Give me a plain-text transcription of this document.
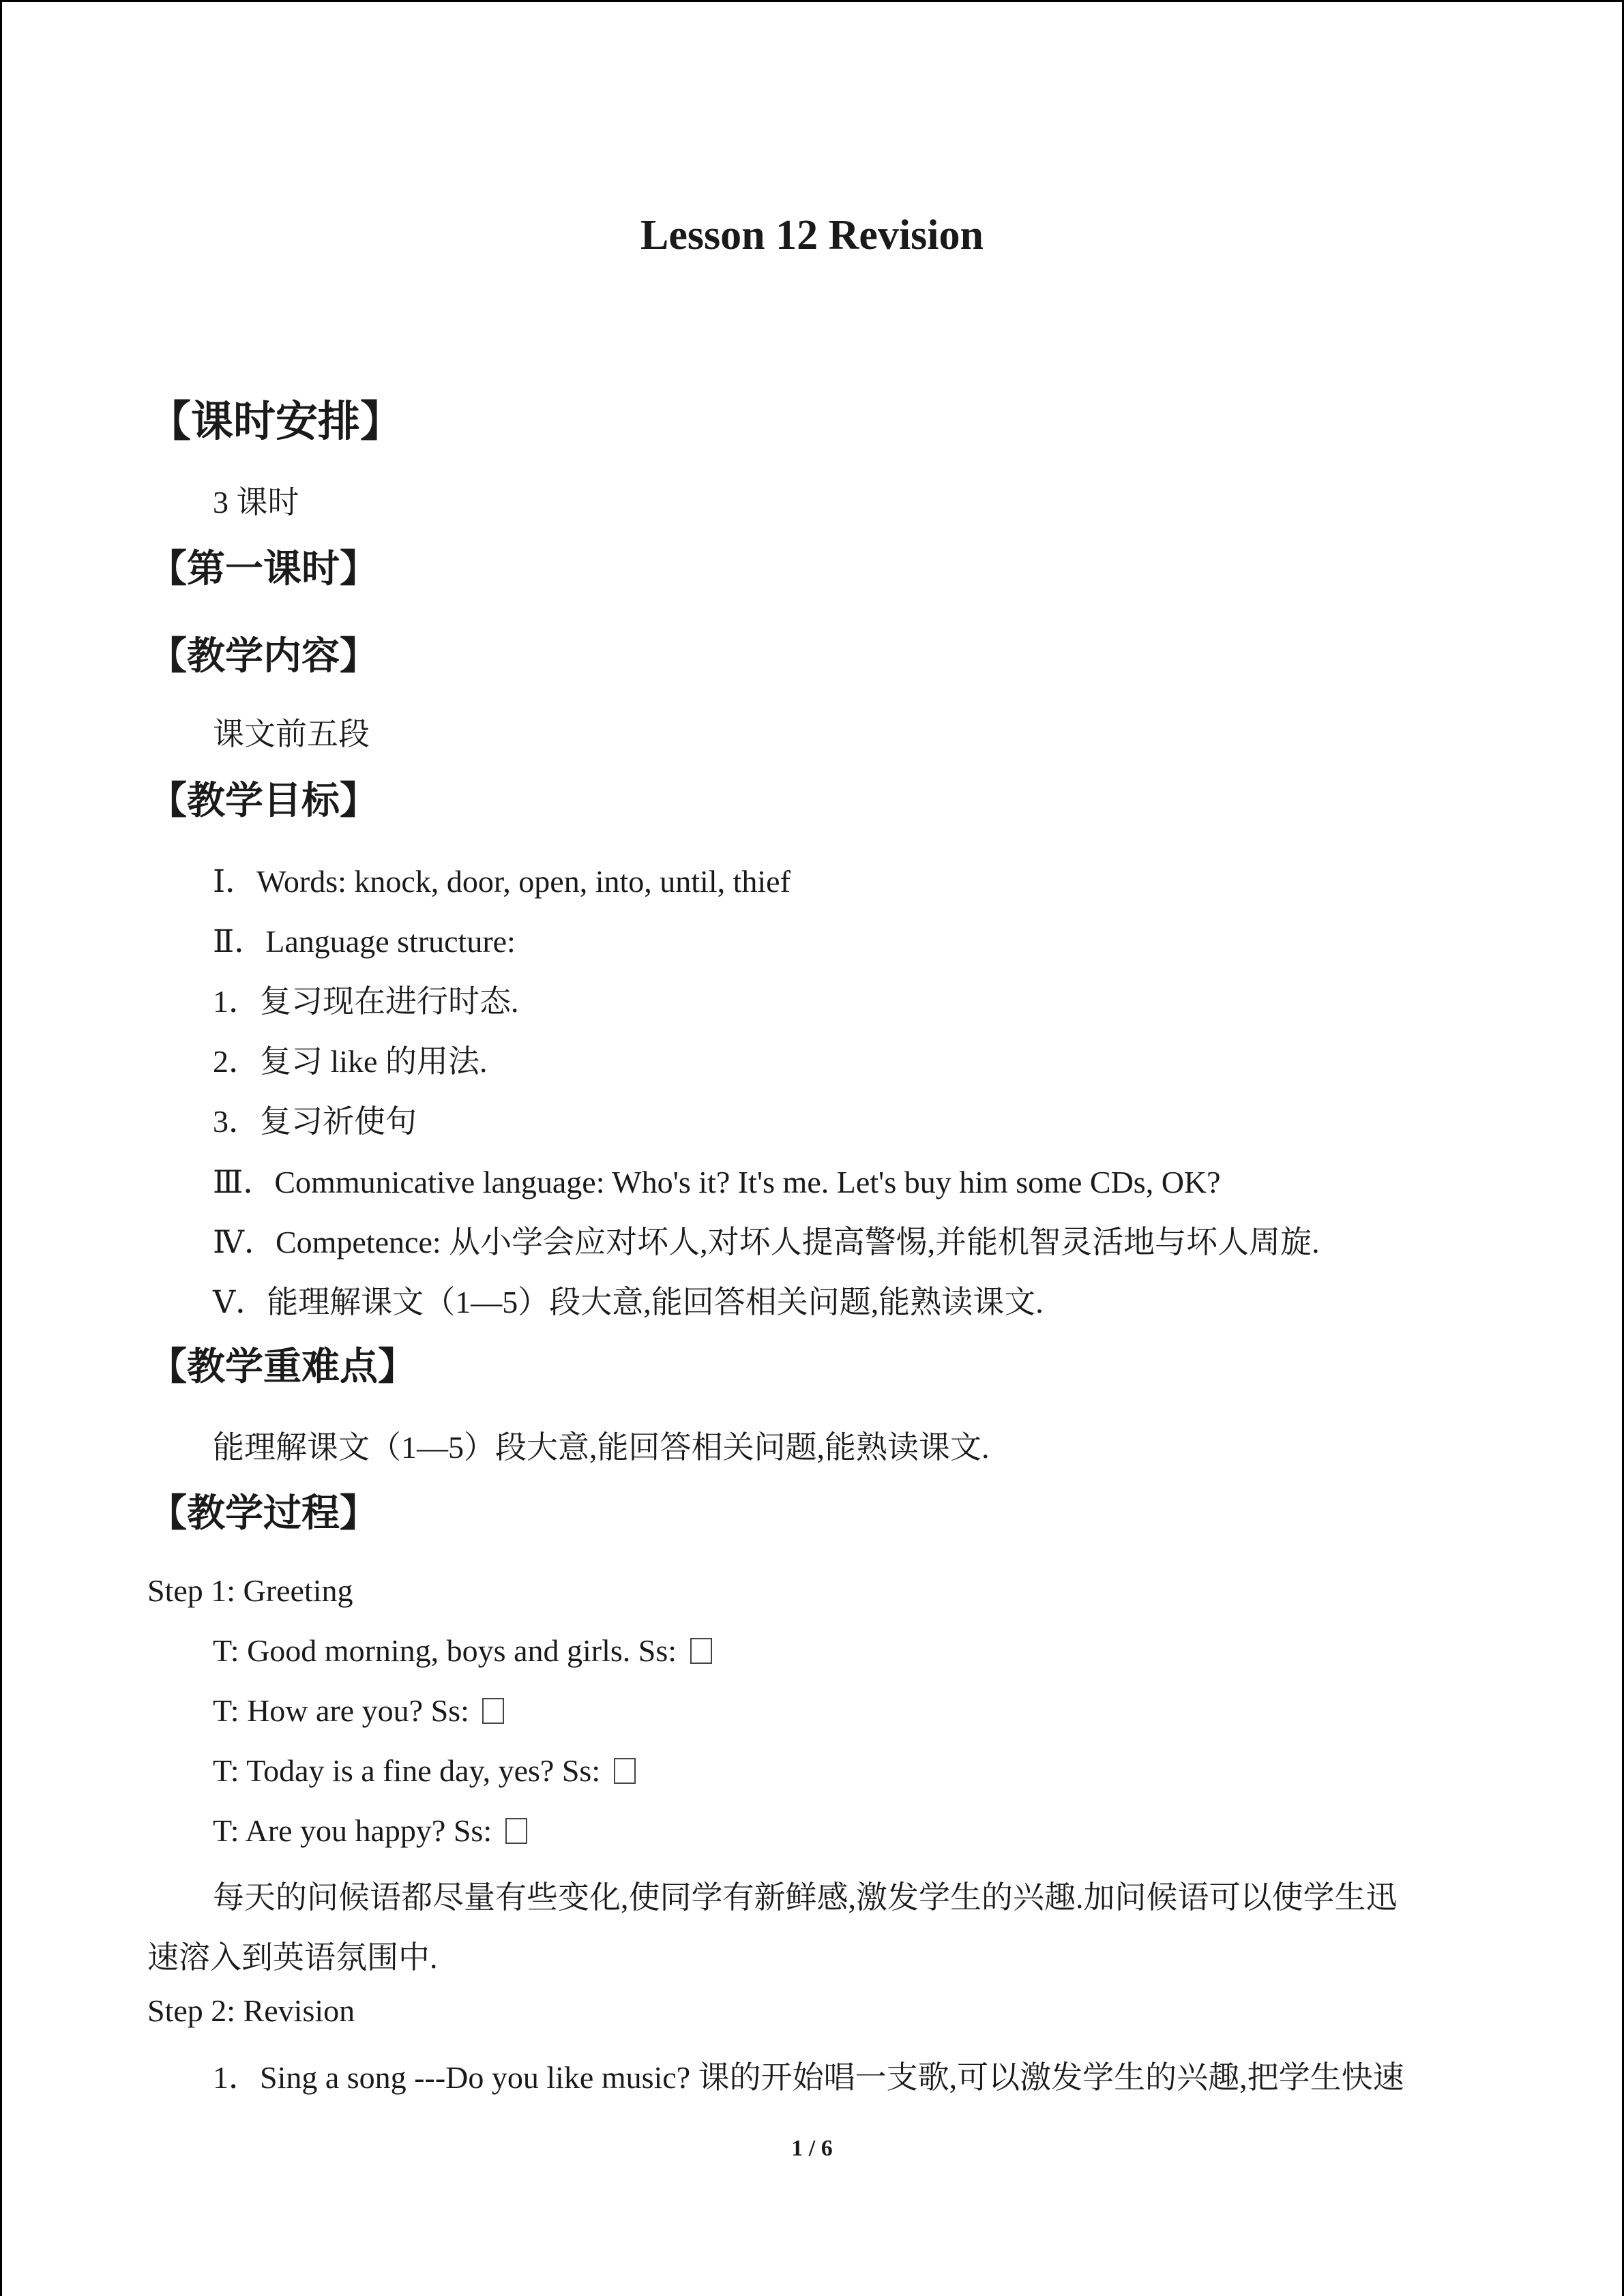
Lesson 12 Revision
【课时安排】
3 课时
【第一课时】
【教学内容】
课文前五段
【教学目标】
Ⅰ．Words: knock, door, open, into, until, thief
Ⅱ．Language structure:
1．复习现在进行时态.
2．复习 like 的用法.
3．复习祈使句
Ⅲ．Communicative language: Who's it? It's me. Let's buy him some CDs, OK?
Ⅳ．Competence: 从小学会应对坏人,对坏人提高警惕,并能机智灵活地与坏人周旋.
Ⅴ．能理解课文（1—5）段大意,能回答相关问题,能熟读课文.
【教学重难点】
能理解课文（1—5）段大意,能回答相关问题,能熟读课文.
【教学过程】
Step 1: Greeting
T: Good morning, boys and girls. Ss:
T: How are you? Ss:
T: Today is a fine day, yes? Ss:
T: Are you happy? Ss:
每天的问候语都尽量有些变化,使同学有新鲜感,激发学生的兴趣.加问候语可以使学生迅
速溶入到英语氛围中.
Step 2: Revision
1．Sing a song ---Do you like music? 课的开始唱一支歌,可以激发学生的兴趣,把学生快速
1 / 6
